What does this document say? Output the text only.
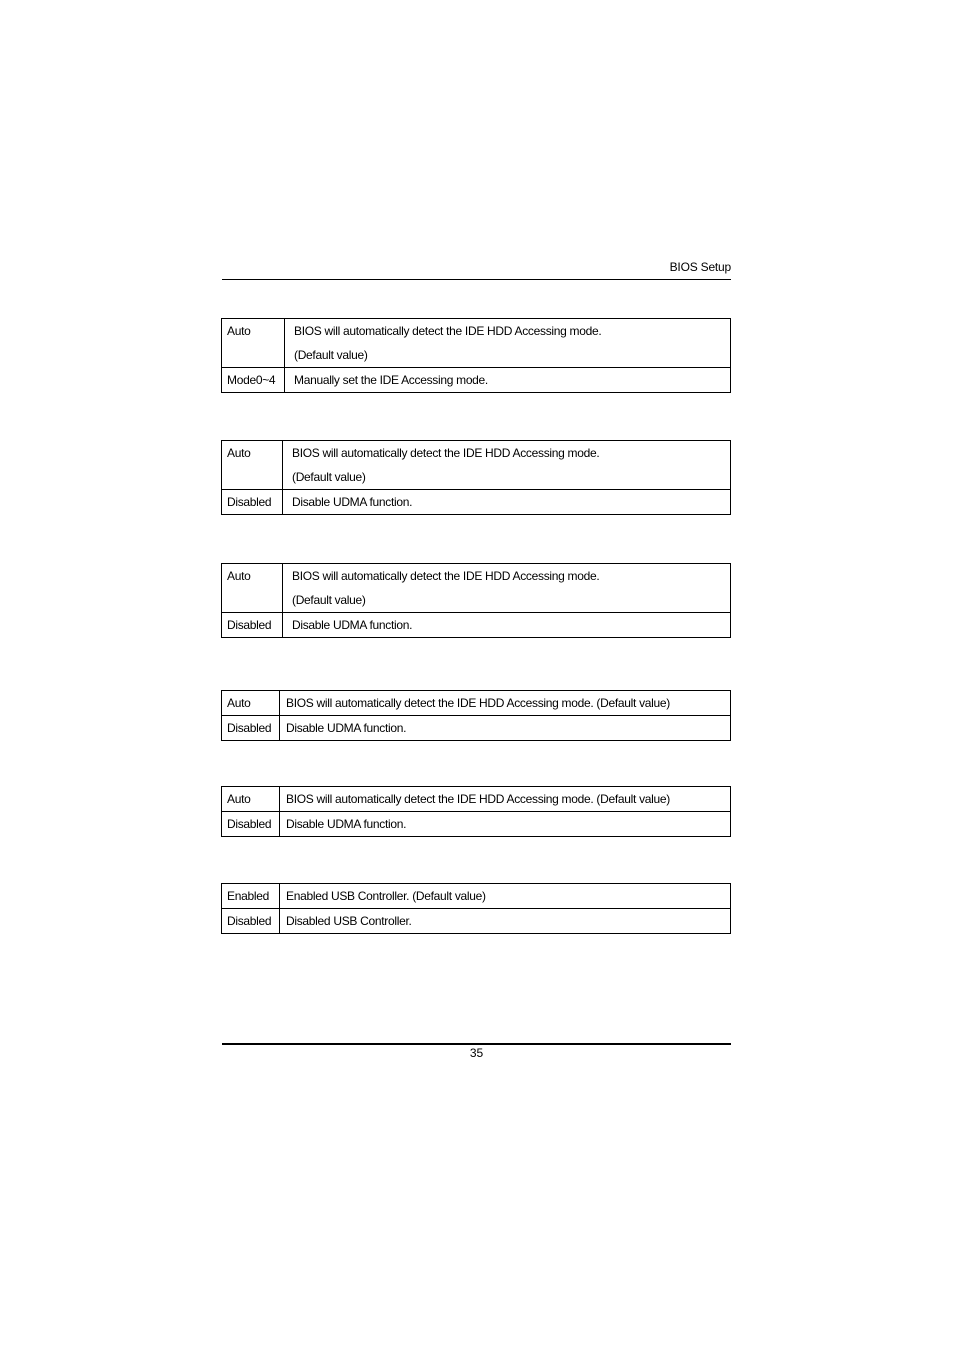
BIOS Setup
Auto	BIOS will automatically detect the IDE HDD Accessing mode.
(Default value)

Mode0~4	Manually set the IDE Accessing mode.
Auto	BIOS will automatically detect the IDE HDD Accessing mode.
(Default value)

Disabled	Disable UDMA function.
Auto	BIOS will automatically detect the IDE HDD Accessing mode.
(Default value)

Disabled	Disable UDMA function.
Auto	BIOS will automatically detect the IDE HDD Accessing mode. (Default value)

Disabled	Disable UDMA function.
Auto	BIOS will automatically detect the IDE HDD Accessing mode. (Default value)

Disabled	Disable UDMA function.
Enabled	Enabled USB Controller. (Default value)

Disabled	Disabled USB Controller.
35
